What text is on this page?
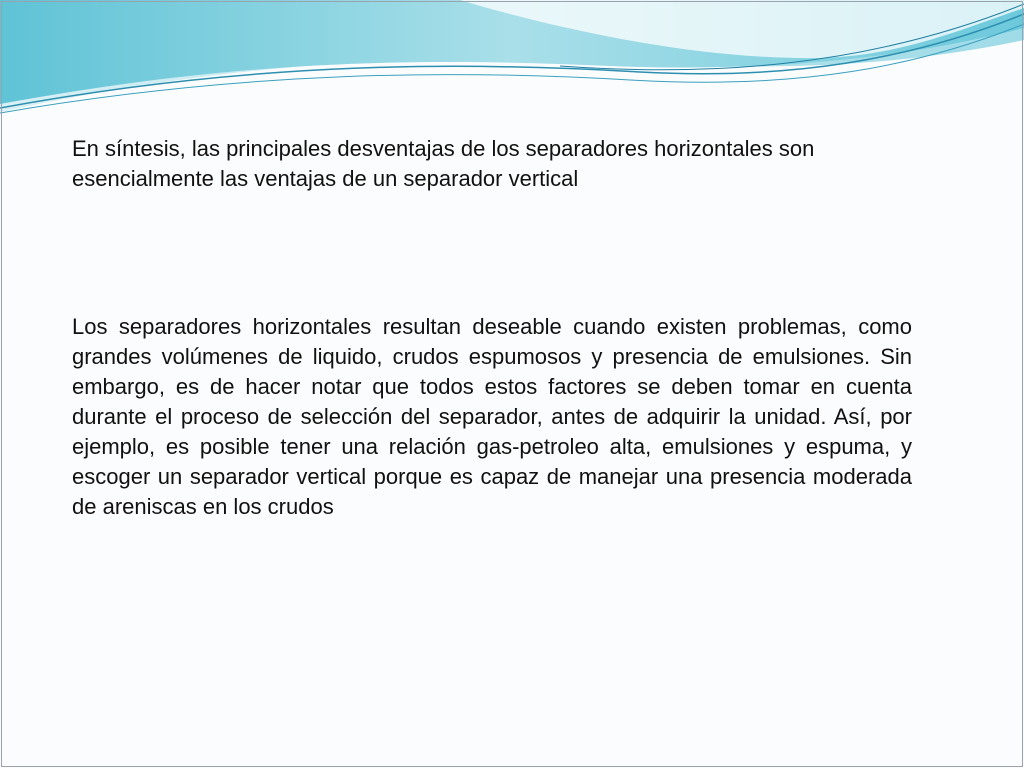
En síntesis, las principales desventajas de los separadores horizontales son esencialmente las ventajas de un separador vertical
Los separadores horizontales resultan deseable cuando existen problemas, como grandes volúmenes de liquido, crudos espumosos y presencia de emulsiones. Sin embargo, es de hacer notar que todos estos factores se deben tomar en cuenta durante el proceso de selección del separador, antes de adquirir la unidad. Así, por ejemplo, es posible tener una relación gas-petroleo alta, emulsiones y espuma, y escoger un separador vertical porque es capaz de manejar una presencia moderada de areniscas en los crudos
